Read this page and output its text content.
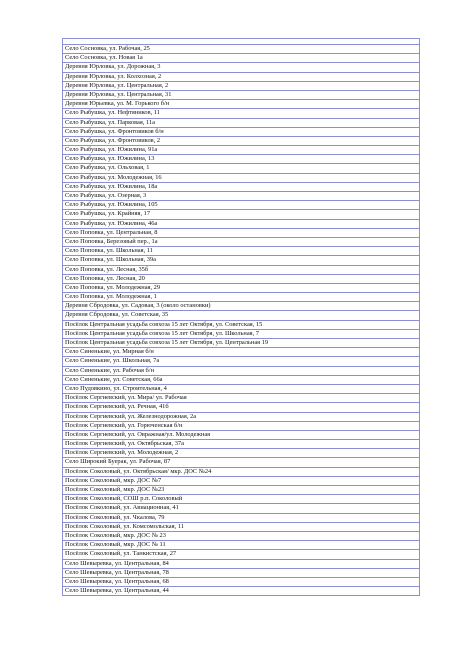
Село Сосновка, ул. Рабочая, 25
Село Сосновка, ул. Новая 1а
Деревня Юрловка, ул. Дорожная, 3
Деревня Юрловка, ул. Колхозная, 2
Деревня Юрловка, ул. Центральная, 2
Деревня Юрловка, ул. Центральная, 31
Деревня Юрьевка, ул. М. Горького б/н
Село Рыбушка, ул. Нефтяников, 11
Село Рыбушка, ул. Парковая, 11а
Село Рыбушка, ул. Фронтовиков б/н
Село Рыбушка, ул. Фронтовиков, 2
Село Рыбушка, ул. Южилина, 91а
Село Рыбушка, ул. Южилина, 13
Село Рыбушка, ул. Ольховая, 1
Село Рыбушка, ул. Молодежная, 16
Село Рыбушка, ул. Южилина, 18а
Село Рыбушка, ул. Озерная, 3
Село Рыбушка, ул. Южилина, 105
Село Рыбушка, ул. Крайняя, 17
Село Рыбушка, ул. Южилина, 46а
Село Поповка, ул. Центральная, 8
Село Поповка, Березовый пер., 1а
Село Поповка, ул. Школьная, 11
Село Поповка, ул. Школьная, 39а
Село Поповка, ул. Лесная, 35б
Село Поповка, ул. Лесная, 20
Село Поповка, ул. Молодежная, 29
Село Поповка, ул. Молодежная, 1
Деревня Сбродовка, ул. Садовая, 3 (около остановки)
Деревня Сбродовка, ул. Советская, 35
Посёлок Центральная усадьба совхоза 15 лет Октября, ул. Советская, 15
Посёлок Центральная усадьба совхоза 15 лет Октября, ул. Школьная, 7
Посёлок Центральная усадьба совхоза 15 лет Октября, ул. Центральная 19
Село Синенькие, ул. Мирная б/н
Село Синенькие, ул. Школьная, 7а
Село Синенькие, ул. Рабочая б/н
Село Синенькие, ул. Советская, 66а
Село Пудовкино, ул. Строительная, 4
Посёлок Сергиевский, ул. Мира/ ул. Рабочая
Посёлок Сергиевский, ул. Речная, 41б
Посёлок Сергиевский, ул. Железнодорожная, 2а
Посёлок Сергиевский, ул. Горюченская б/н
Посёлок Сергиевский, ул. Овражная/ул. Молодежная
Посёлок Сергиевский, ул. Октябрьская, 37а
Посёлок Сергиевский, ул. Молодежная, 2
Село Широкий Буерак, ул. Рабочая, 87
Посёлок Соколовый, ул. Октябрьская/ мкр. ДОС №24
Посёлок Соколовый, мкр. ДОС №7
Посёлок Соколовый, мкр. ДОС №23
Посёлок Соколовый, СОШ р.п. Соколовый
Посёлок Соколовый, ул. Авиационная, 41
Посёлок Соколовый, ул. Чкалова, 79
Посёлок Соколовый, ул. Комсомольская, 11
Посёлок Соколовый, мкр. ДОС № 23
Посёлок Соколовый, мкр. ДОС № 11
Посёлок Соколовый, ул. Танкистская, 27
Село Шевыревка, ул. Центральная, 84
Село Шевыревка, ул. Центральная, 78
Село Шевыревка, ул. Центральная, 68
Село Шевыревка, ул. Центральная, 44
